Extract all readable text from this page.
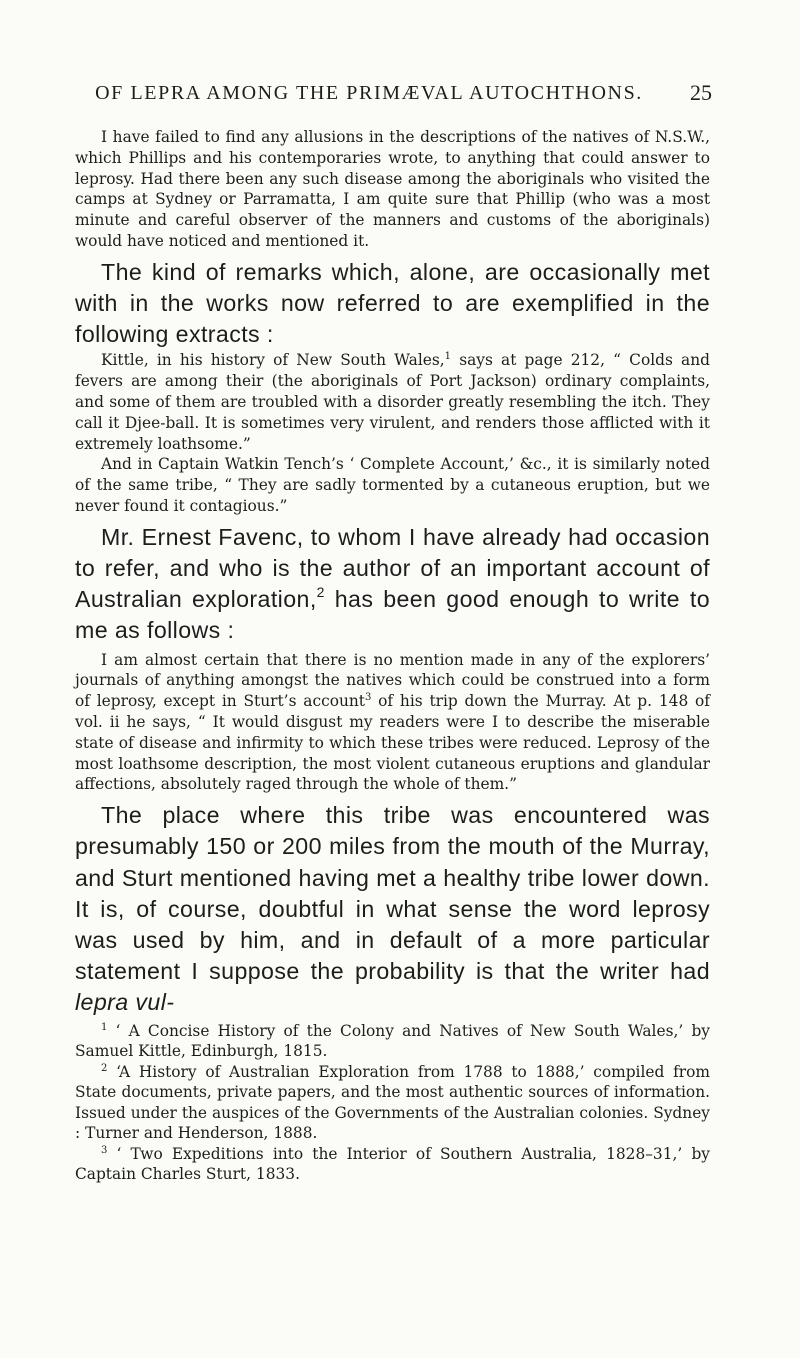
OF LEPRA AMONG THE PRIMÆVAL AUTOCHTHONS.	25

I have failed to find any allusions in the descriptions of the natives of N.S.W., which Phillips and his contemporaries wrote, to anything that could answer to leprosy. Had there been any such disease among the aboriginals who visited the camps at Sydney or Parramatta, I am quite sure that Phillip (who was a most minute and careful observer of the manners and customs of the aboriginals) would have noticed and mentioned it.

The kind of remarks which, alone, are occasionally met with in the works now referred to are exemplified in the following extracts :

Kittle, in his history of New South Wales,$^1$ says at page 212, “ Colds and fevers are among their (the aboriginals of Port Jackson) ordinary complaints, and some of them are troubled with a disorder greatly resembling the itch. They call it Djee-ball. It is sometimes very virulent, and renders those afflicted with it extremely loathsome.”

And in Captain Watkin Tench’s ‘ Complete Account,’ &c., it is similarly noted of the same tribe, “ They are sadly tormented by a cutaneous eruption, but we never found it contagious.”

Mr. Ernest Favenc, to whom I have already had occasion to refer, and who is the author of an important account of Australian exploration,$^2$ has been good enough to write to me as follows :

I am almost certain that there is no mention made in any of the explorers’ journals of anything amongst the natives which could be construed into a form of leprosy, except in Sturt’s account$^3$ of his trip down the Murray. At p. 148 of vol. ii he says, “ It would disgust my readers were I to describe the miserable state of disease and infirmity to which these tribes were reduced. Leprosy of the most loathsome description, the most violent cutaneous eruptions and glandular affections, absolutely raged through the whole of them.”

The place where this tribe was encountered was presumably 150 or 200 miles from the mouth of the Murray, and Sturt mentioned having met a healthy tribe lower down. It is, of course, doubtful in what sense the word leprosy was used by him, and in default of a more particular statement I suppose the probability is that the writer had lepra vul-

$^1$ ‘ A Concise History of the Colony and Natives of New South Wales,’ by Samuel Kittle, Edinburgh, 1815.

$^2$ ‘A History of Australian Exploration from 1788 to 1888,’ compiled from State documents, private papers, and the most authentic sources of information. Issued under the auspices of the Governments of the Australian colonies. Sydney : Turner and Henderson, 1888.

$^3$ ‘ Two Expeditions into the Interior of Southern Australia, 1828–31,’ by Captain Charles Sturt, 1833.
